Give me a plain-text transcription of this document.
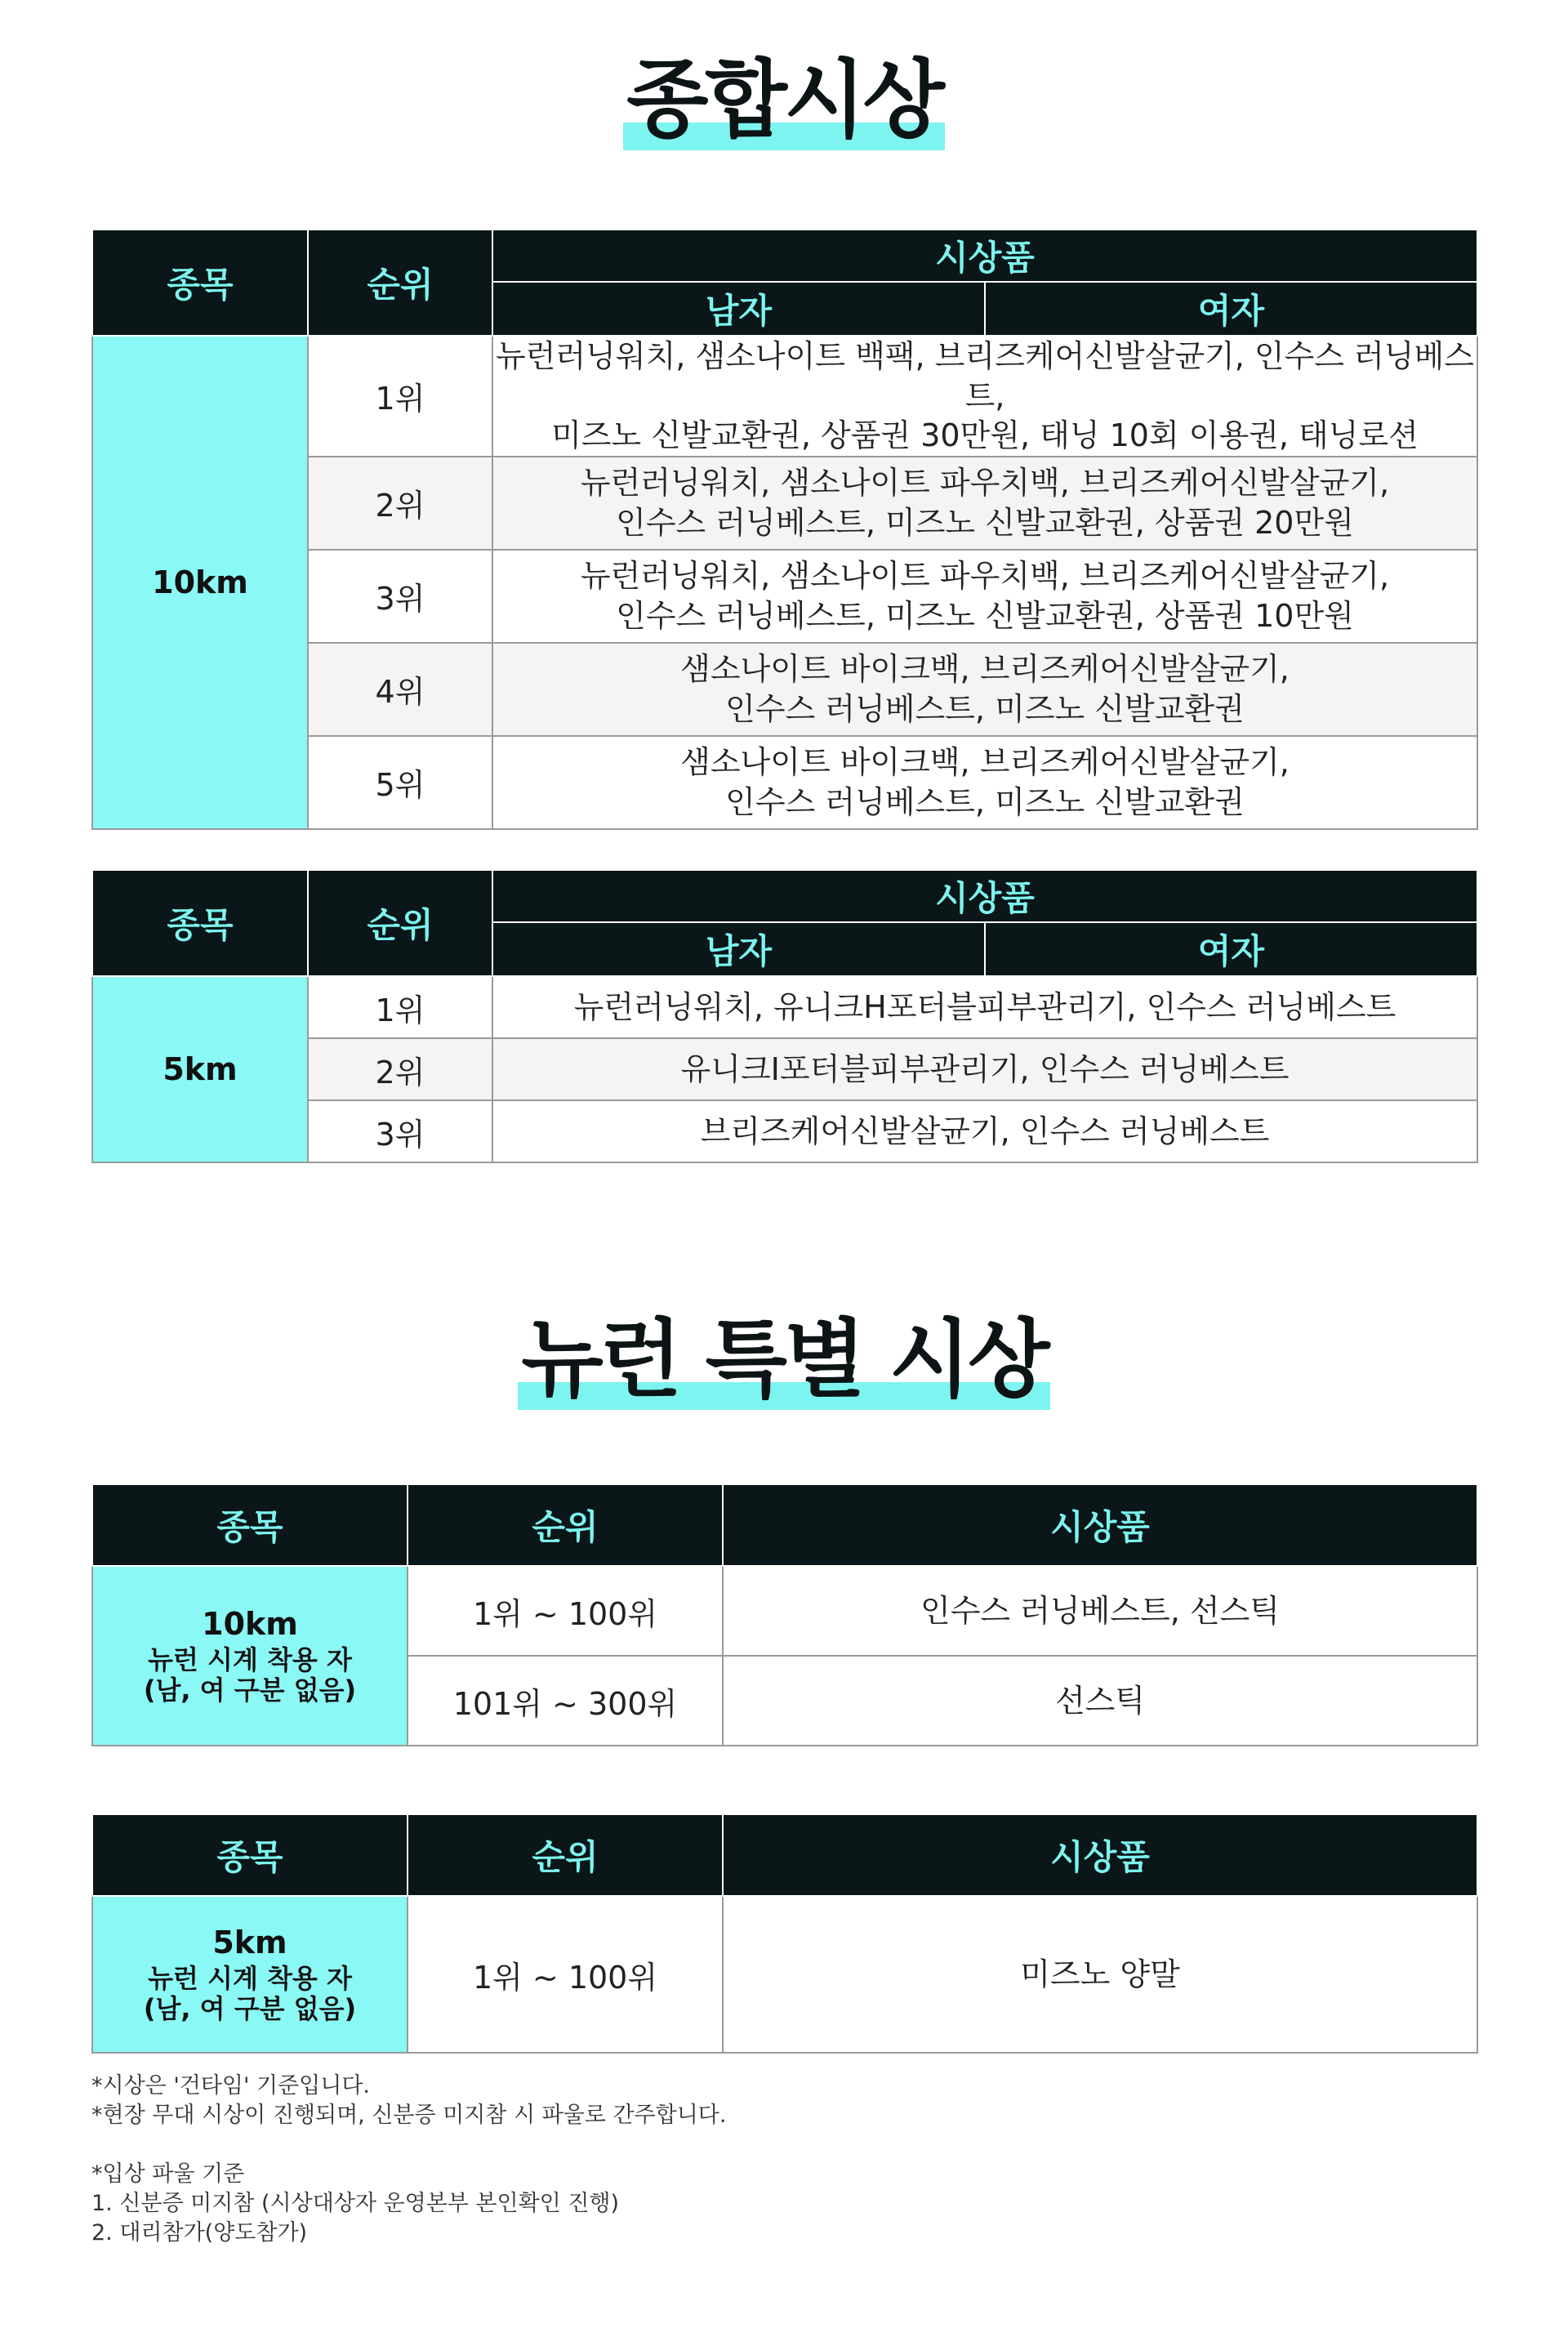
종합시상
종목	순위	시상품	
		남자	여자
10km	1위	뉴런러닝워치, 샘소나이트 백팩, 브리즈케어신발살균기, 인수스 러닝베스트,
미즈노 신발교환권, 상품권 30만원, 태닝 10회 이용권, 태닝로션	
	2위	뉴런러닝워치, 샘소나이트 파우치백, 브리즈케어신발살균기,
인수스 러닝베스트, 미즈노 신발교환권, 상품권 20만원	
	3위	뉴런러닝워치, 샘소나이트 파우치백, 브리즈케어신발살균기,
인수스 러닝베스트, 미즈노 신발교환권, 상품권 10만원	
	4위	샘소나이트 바이크백, 브리즈케어신발살균기,
인수스 러닝베스트, 미즈노 신발교환권	
	5위	샘소나이트 바이크백, 브리즈케어신발살균기,
인수스 러닝베스트, 미즈노 신발교환권	
종목	순위	시상품	
		남자	여자
5km	1위	뉴런러닝워치, 유니크H포터블피부관리기, 인수스 러닝베스트	
	2위	유니크I포터블피부관리기, 인수스 러닝베스트	
	3위	브리즈케어신발살균기, 인수스 러닝베스트	
뉴런 특별 시상
종목	순위	시상품

10km
뉴런 시계 착용 자
(남, 여 구분 없음)	1위 ~ 100위	인수스 러닝베스트, 선스틱
	101위 ~ 300위	선스틱
종목	순위	시상품

5km
뉴런 시계 착용 자
(남, 여 구분 없음)	1위 ~ 100위	미즈노 양말
*시상은 '건타임' 기준입니다.
*현장 무대 시상이 진행되며, 신분증 미지참 시 파울로 간주합니다.
*입상 파울 기준
1. 신분증 미지참 (시상대상자 운영본부 본인확인 진행)
2. 대리참가(양도참가)
